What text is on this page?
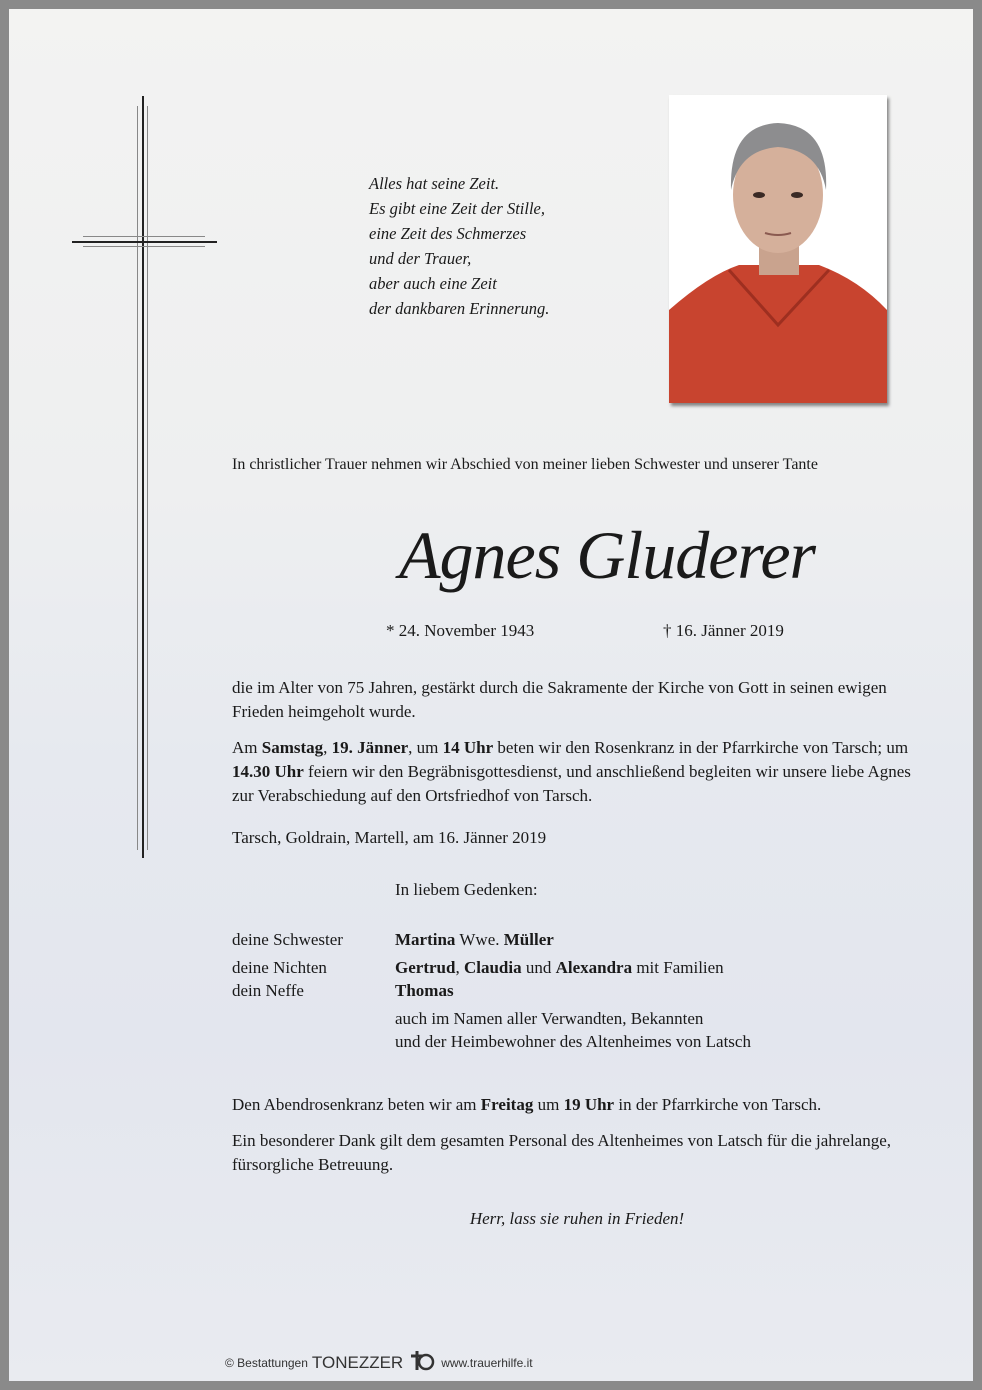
Alles hat seine Zeit.
Es gibt eine Zeit der Stille,
eine Zeit des Schmerzes
und der Trauer,
aber auch eine Zeit
der dankbaren Erinnerung.
In christlicher Trauer nehmen wir Abschied von meiner lieben Schwester und unserer Tante
Agnes Gluderer
* 24. November 1943	† 16. Jänner 2019
die im Alter von 75 Jahren, gestärkt durch die Sakramente der Kirche von Gott in seinen ewigen Frieden heimgeholt wurde.
Am Samstag, 19. Jänner, um 14 Uhr beten wir den Rosenkranz in der Pfarrkirche von Tarsch; um 14.30 Uhr feiern wir den Begräbnisgottesdienst, und anschließend begleiten wir unsere liebe Agnes zur Verabschiedung auf den Ortsfriedhof von Tarsch.
Tarsch, Goldrain, Martell, am 16. Jänner 2019
In liebem Gedenken:
deine Schwester	Martina Wwe. Müller
deine Nichten	Gertrud, Claudia und Alexandra mit Familien
dein Neffe	Thomas
auch im Namen aller Verwandten, Bekannten
und der Heimbewohner des Altenheimes von Latsch
Den Abendrosenkranz beten wir am Freitag um 19 Uhr in der Pfarrkirche von Tarsch.
Ein besonderer Dank gilt dem gesamten Personal des Altenheimes von Latsch für die jahrelange, fürsorgliche Betreuung.
Herr, lass sie ruhen in Frieden!
© Bestattungen TONEZZER	www.trauerhilfe.it
